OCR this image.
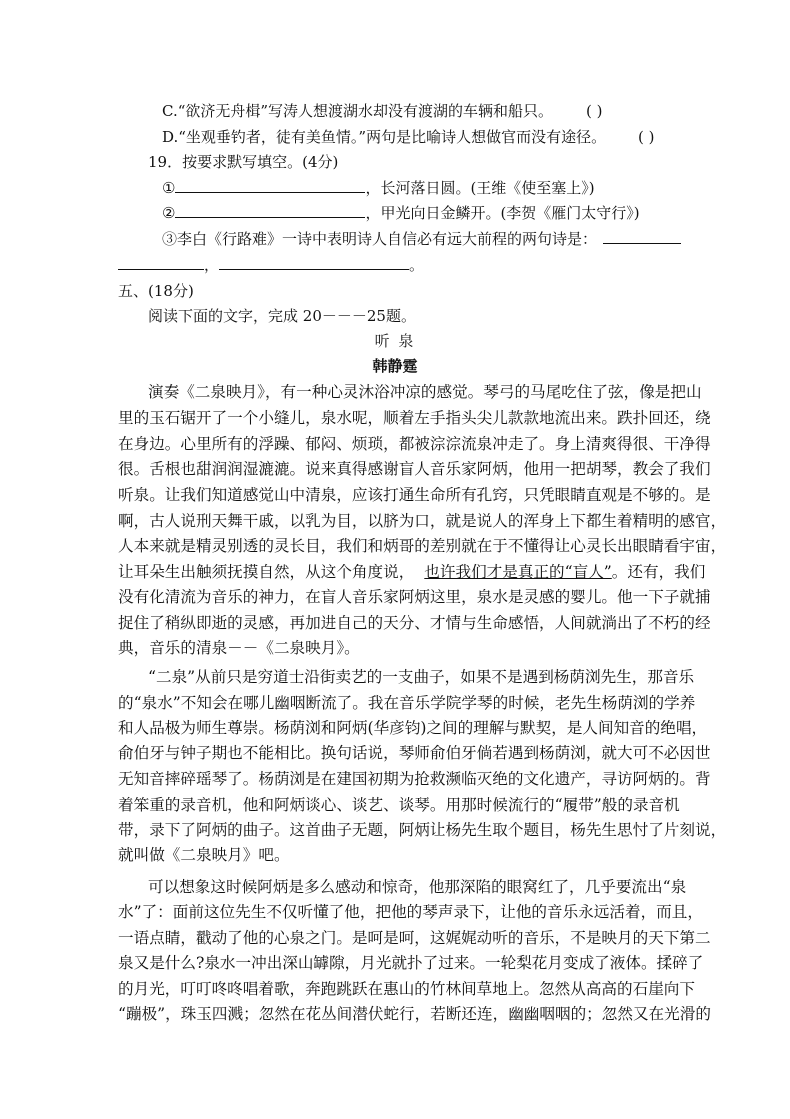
C.“欲济无舟楫”写涛人想渡湖水却没有渡湖的车辆和船只。 ( )
D.“坐观垂钓者，徒有美鱼情。”两句是比喻诗人想做官而没有途径。 ( )
19．按要求默写填空。(4分)
①	，长河落日圆。(王维《使至塞上》)
②	，甲光向日金鳞开。(李贺《雁门太守行》)
③李白《行路难》一诗中表明诗人自信必有远大前程的两句诗是：
，	。
五、(18分)
阅读下面的文字，完成 20－－－25题。
听 泉
韩静霆
演奏《二泉映月》，有一种心灵沐浴冲凉的感觉。琴弓的马尾吃住了弦，像是把山
里的玉石锯开了一个小缝儿，泉水呢，顺着左手指头尖儿款款地流出来。跌扑回还，绕
在身边。心里所有的浮躁、郁闷、烦琐，都被淙淙流泉冲走了。身上清爽得很、干净得
很。舌根也甜润润湿漉漉。说来真得感谢盲人音乐家阿炳，他用一把胡琴，教会了我们
听泉。让我们知道感觉山中清泉，应该打通生命所有孔窍，只凭眼睛直观是不够的。是
啊，古人说刑天舞干戚，以乳为目，以脐为口，就是说人的浑身上下都生着精明的感官，
人本来就是精灵别透的灵长目，我们和炳哥的差别就在于不懂得让心灵长出眼睛看宇宙，
让耳朵生出触须抚摸自然，从这个角度说， 也许我们才是真正的“盲人”。还有，我们
没有化清流为音乐的神力，在盲人音乐家阿炳这里，泉水是灵感的婴儿。他一下子就捕
捉住了稍纵即逝的灵感，再加进自己的天分、才情与生命感悟，人间就淌出了不朽的经
典，音乐的清泉－－《二泉映月》。
“二泉”从前只是穷道士沿街卖艺的一支曲子，如果不是遇到杨荫浏先生，那音乐
的“泉水”不知会在哪儿幽咽断流了。我在音乐学院学琴的时候，老先生杨荫浏的学养
和人品极为师生尊崇。杨荫浏和阿炳(华彦钧)之间的理解与默契，是人间知音的绝唱，
俞伯牙与钟子期也不能相比。换句话说，琴师俞伯牙倘若遇到杨荫浏，就大可不必因世
无知音摔碎瑶琴了。杨荫浏是在建国初期为抢救濒临灭绝的文化遗产，寻访阿炳的。背
着笨重的录音机，他和阿炳谈心、谈艺、谈琴。用那时候流行的“履带”般的录音机
带，录下了阿炳的曲子。这首曲子无题，阿炳让杨先生取个题目，杨先生思忖了片刻说，
就叫做《二泉映月》吧。
可以想象这时候阿炳是多么感动和惊奇，他那深陷的眼窝红了，几乎要流出“泉
水”了：面前这位先生不仅听懂了他，把他的琴声录下，让他的音乐永远活着，而且，
一语点睛，戳动了他的心泉之门。是呵是呵，这娓娓动听的音乐，不是映月的天下第二
泉又是什么?泉水一冲出深山罅隙，月光就扑了过来。一轮梨花月变成了液体。揉碎了
的月光，叮叮咚咚唱着歌，奔跑跳跃在惠山的竹林间草地上。忽然从高高的石崖向下
“蹦极”，珠玉四溅；忽然在花丛间潜伏蛇行，若断还连，幽幽咽咽的；忽然又在光滑的
